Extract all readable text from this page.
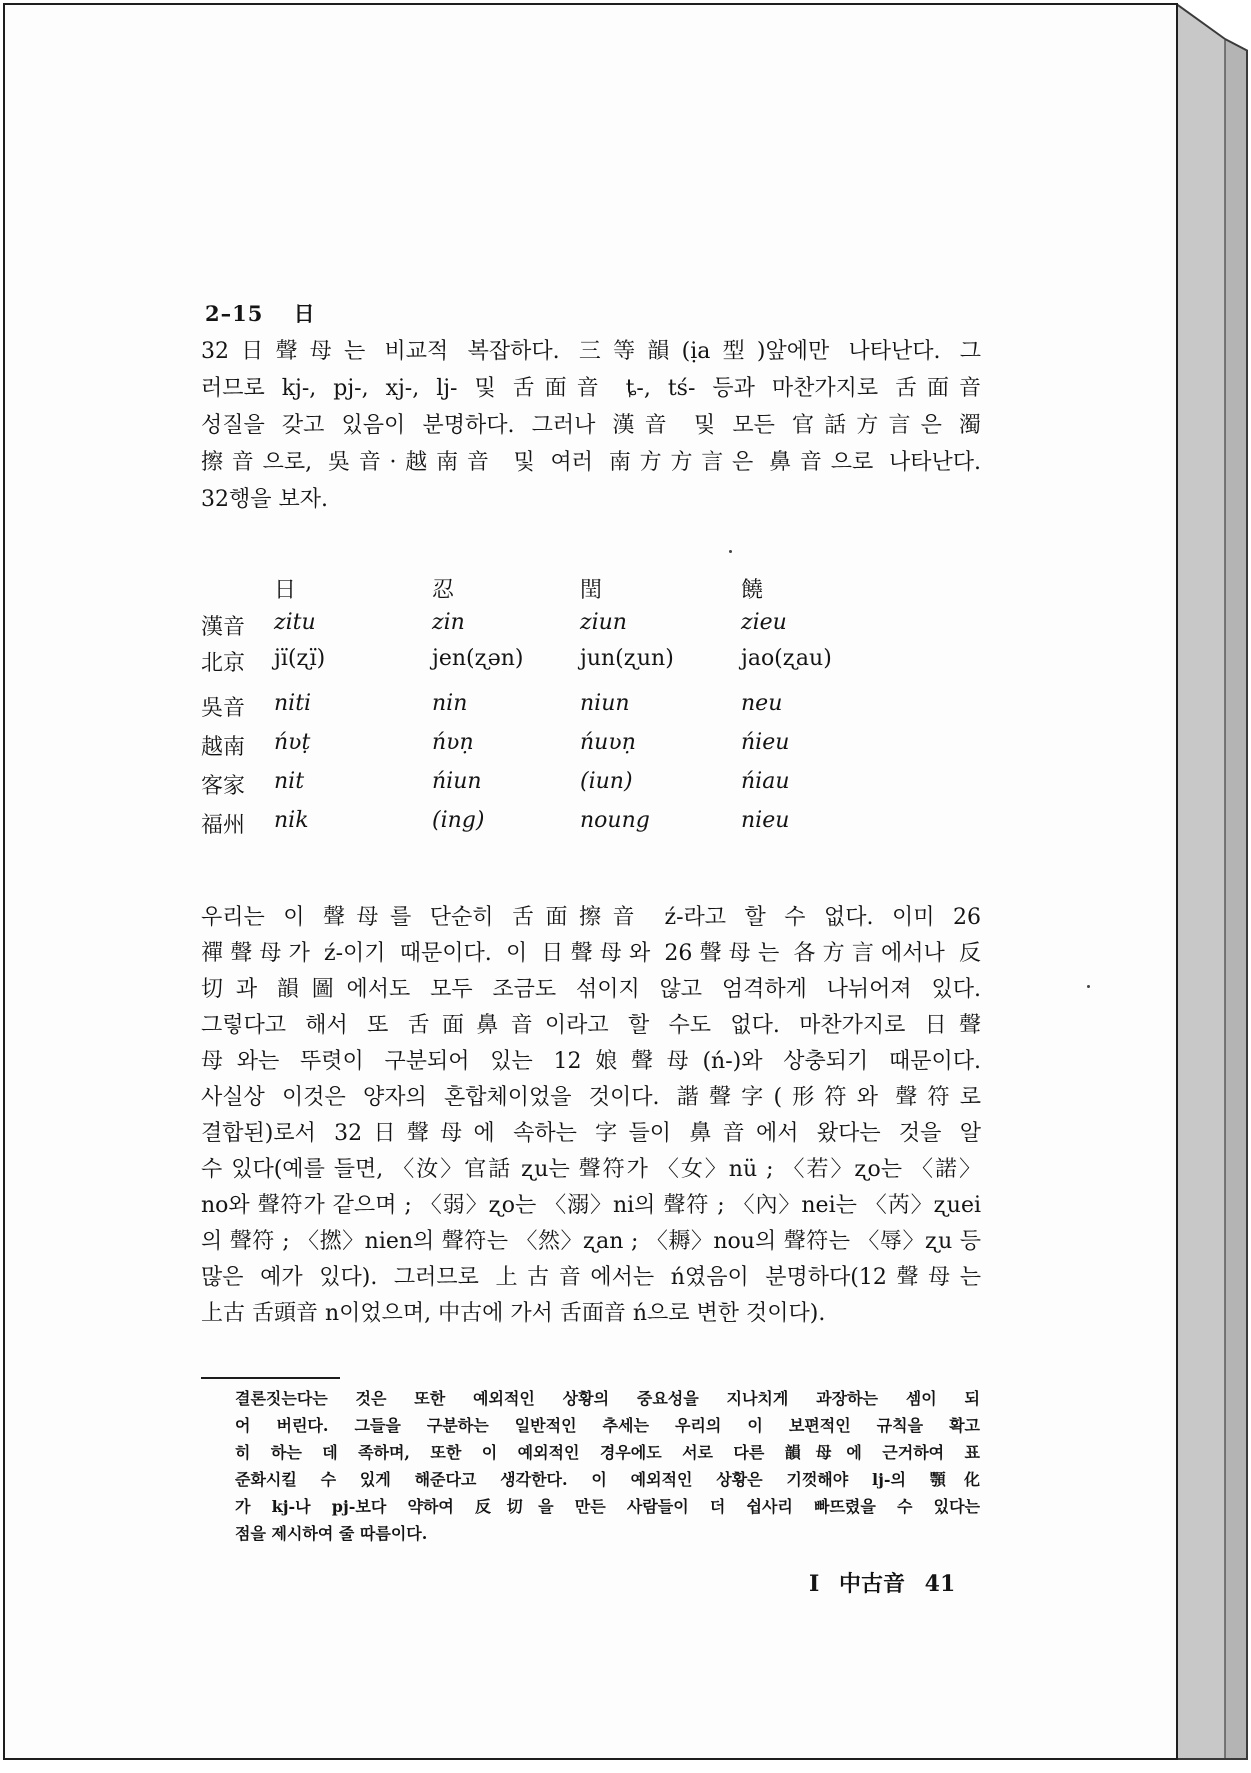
2–15 日
32日聲母는 비교적 복잡하다. 三等韻(ịa型)앞에만 나타난다. 그
러므로 kj-, pj-, xj-, lj- 및 舌面音 ȶ-, tś- 등과 마찬가지로 舌面音
성질을 갖고 있음이 분명하다. 그러나 漢音 및 모든 官話方言은 濁
擦音으로, 吳音·越南音 및 여러 南方方言은 鼻音으로 나타난다.
32행을 보자.
日	忍	閏	饒
漢音 zitu	zin	ziun	zieu
北京 jï(ʐï)	jen(ʐən)	jun(ʐun)	jao(ʐau)
吳音 niti	nin	niun	neu
越南 ńʋṭ	ńʋṇ	ńuʋṇ	ńieu
客家 nit	ńiun	(iun)	ńiau
福州 nik	(ing)	noung	nieu
우리는 이 聲母를 단순히 舌面擦音 ź-라고 할 수 없다. 이미 26
禪聲母가 ź-이기 때문이다. 이 日聲母와 26聲母는 各方言에서나 反
切과 韻圖에서도 모두 조금도 섞이지 않고 엄격하게 나뉘어져 있다.
그렇다고 해서 또 舌面鼻音이라고 할 수도 없다. 마찬가지로 日聲
母와는 뚜렷이 구분되어 있는 12娘聲母(ń-)와 상충되기 때문이다.
사실상 이것은 양자의 혼합체이었을 것이다. 諧聲字(形符와 聲符로
결합된)로서 32日聲母에 속하는 字들이 鼻音에서 왔다는 것을 알
수 있다(예를 들면, 〈汝〉官話 ʐu는 聲符가 〈女〉nü ; 〈若〉ʐo는 〈諾〉
no와 聲符가 같으며 ; 〈弱〉ʐo는 〈溺〉ni의 聲符 ; 〈內〉nei는 〈芮〉ʐuei
의 聲符 ; 〈撚〉nien의 聲符는 〈然〉ʐan ; 〈耨〉nou의 聲符는 〈辱〉ʐu 등
많은 예가 있다). 그러므로 上古音에서는 ń였음이 분명하다(12聲母는
上古 舌頭音 n이었으며, 中古에 가서 舌面音 ń으로 변한 것이다).
결론짓는다는 것은 또한 예외적인 상황의 중요성을 지나치게 과장하는 셈이 되
어 버린다. 그들을 구분하는 일반적인 추세는 우리의 이 보편적인 규칙을 확고
히 하는 데 족하며, 또한 이 예외적인 경우에도 서로 다른 韻母에 근거하여 표
준화시킬 수 있게 해준다고 생각한다. 이 예외적인 상황은 기껏해야 lj-의 顎化
가 kj-나 pj-보다 약하여 反切을 만든 사람들이 더 쉽사리 빠뜨렸을 수 있다는
점을 제시하여 줄 따름이다.
I 中古音 41
